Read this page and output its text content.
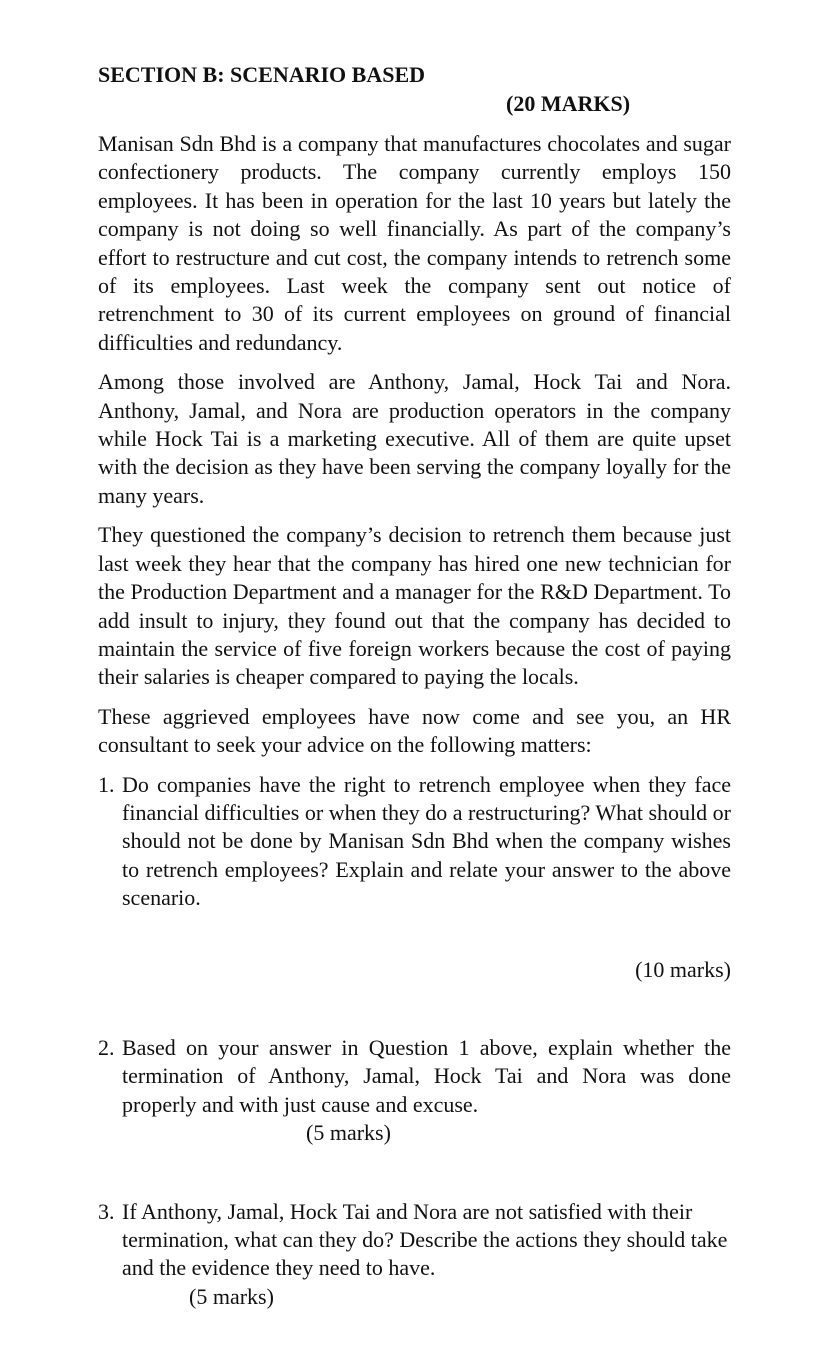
SECTION B: SCENARIO BASED
(20 MARKS)

Manisan Sdn Bhd is a company that manufactures chocolates and sugar confectionery products. The company currently employs 150 employees. It has been in operation for the last 10 years but lately the company is not doing so well financially. As part of the company’s effort to restructure and cut cost, the company intends to retrench some of its employees. Last week the company sent out notice of retrenchment to 30 of its current employees on ground of financial difficulties and redundancy.

Among those involved are Anthony, Jamal, Hock Tai and Nora. Anthony, Jamal, and Nora are production operators in the company while Hock Tai is a marketing executive. All of them are quite upset with the decision as they have been serving the company loyally for the many years.

They questioned the company’s decision to retrench them because just last week they hear that the company has hired one new technician for the Production Department and a manager for the R&D Department. To add insult to injury, they found out that the company has decided to maintain the service of five foreign workers because the cost of paying their salaries is cheaper compared to paying the locals.

These aggrieved employees have now come and see you, an HR consultant to seek your advice on the following matters:

1. Do companies have the right to retrench employee when they face financial difficulties or when they do a restructuring? What should or should not be done by Manisan Sdn Bhd when the company wishes to retrench employees? Explain and relate your answer to the above scenario.
(10 marks)
2. Based on your answer in Question 1 above, explain whether the termination of Anthony, Jamal, Hock Tai and Nora was done properly and with just cause and excuse.
(5 marks)
3. If Anthony, Jamal, Hock Tai and Nora are not satisfied with their termination, what can they do? Describe the actions they should take and the evidence they need to have.
(5 marks)
